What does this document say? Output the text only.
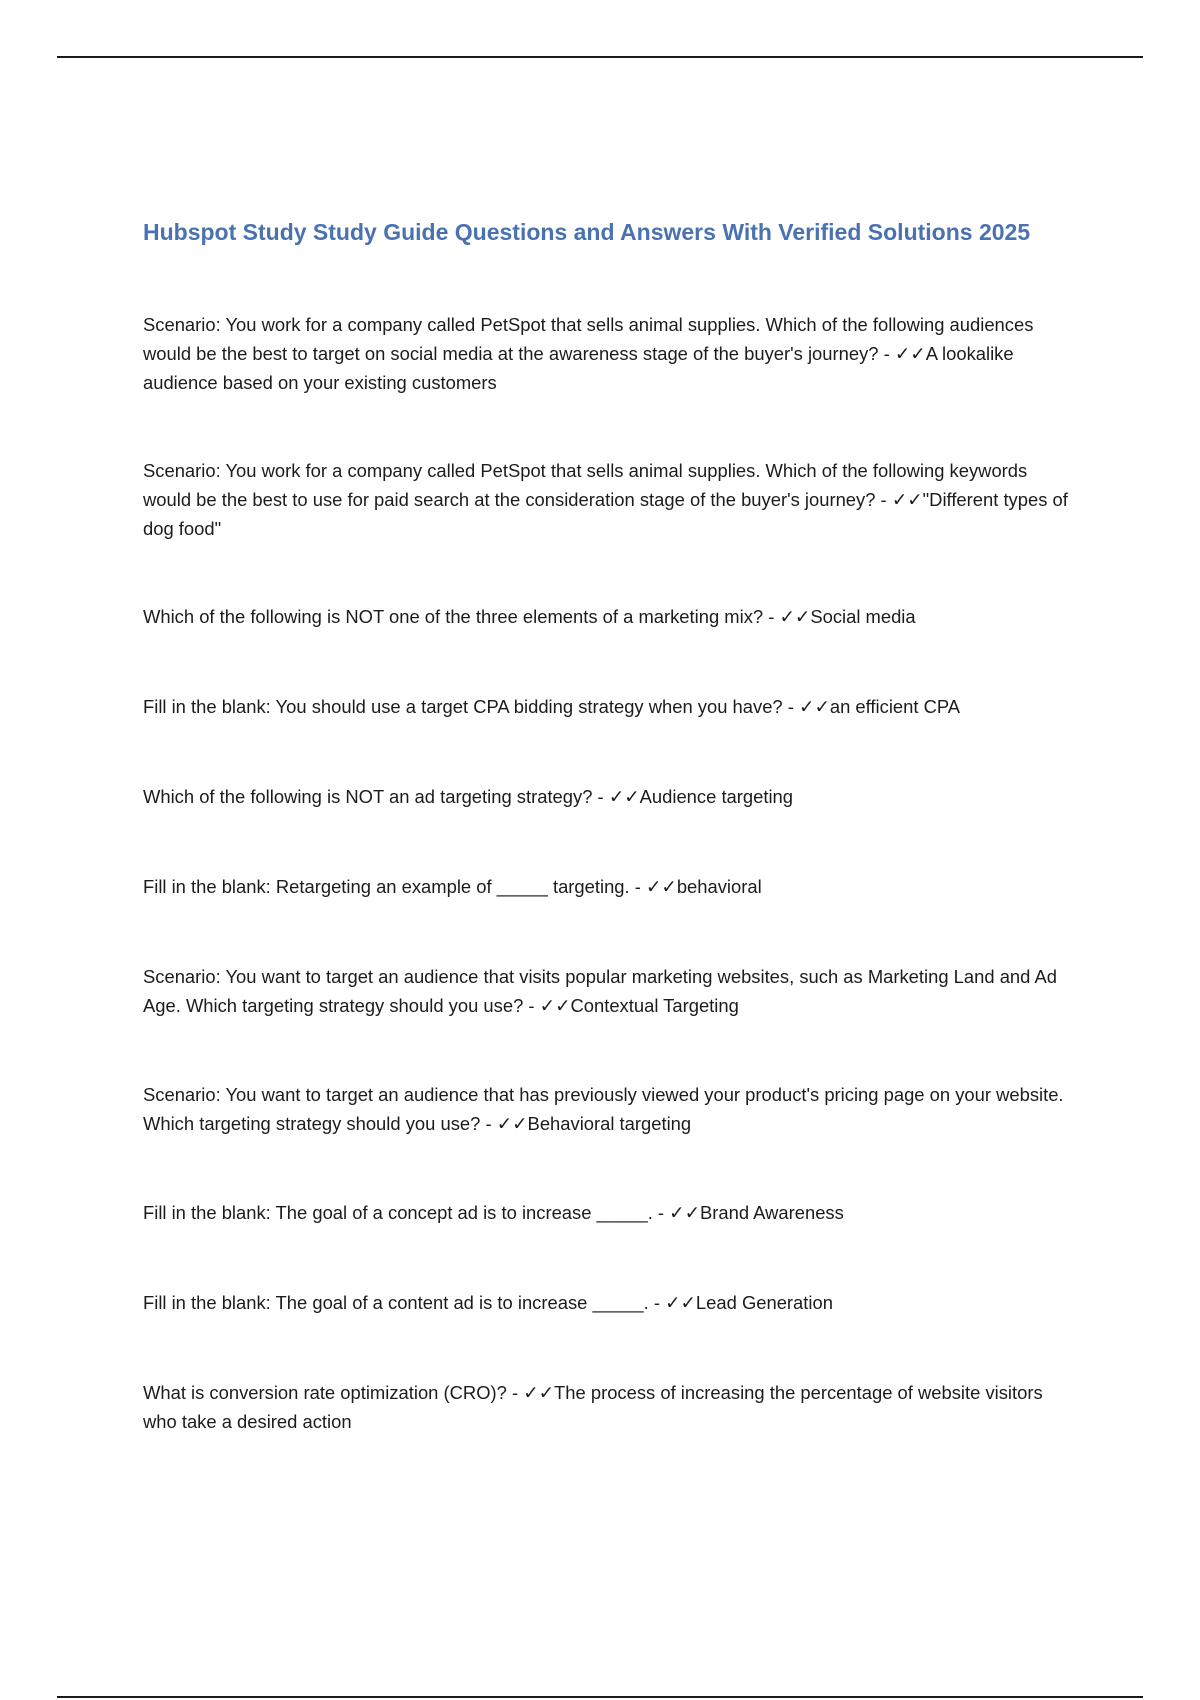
Hubspot Study Study Guide Questions and Answers With Verified Solutions 2025
Scenario: You work for a company called PetSpot that sells animal supplies. Which of the following audiences would be the best to target on social media at the awareness stage of the buyer's journey? - ✓✓A lookalike audience based on your existing customers
Scenario: You work for a company called PetSpot that sells animal supplies. Which of the following keywords would be the best to use for paid search at the consideration stage of the buyer's journey? - ✓✓"Different types of dog food"
Which of the following is NOT one of the three elements of a marketing mix? - ✓✓Social media
Fill in the blank: You should use a target CPA bidding strategy when you have? - ✓✓an efficient CPA
Which of the following is NOT an ad targeting strategy? - ✓✓Audience targeting
Fill in the blank: Retargeting an example of _____ targeting. - ✓✓behavioral
Scenario: You want to target an audience that visits popular marketing websites, such as Marketing Land and Ad Age. Which targeting strategy should you use? - ✓✓Contextual Targeting
Scenario: You want to target an audience that has previously viewed your product's pricing page on your website. Which targeting strategy should you use? - ✓✓Behavioral targeting
Fill in the blank: The goal of a concept ad is to increase _____. - ✓✓Brand Awareness
Fill in the blank: The goal of a content ad is to increase _____. - ✓✓Lead Generation
What is conversion rate optimization (CRO)? - ✓✓The process of increasing the percentage of website visitors who take a desired action
